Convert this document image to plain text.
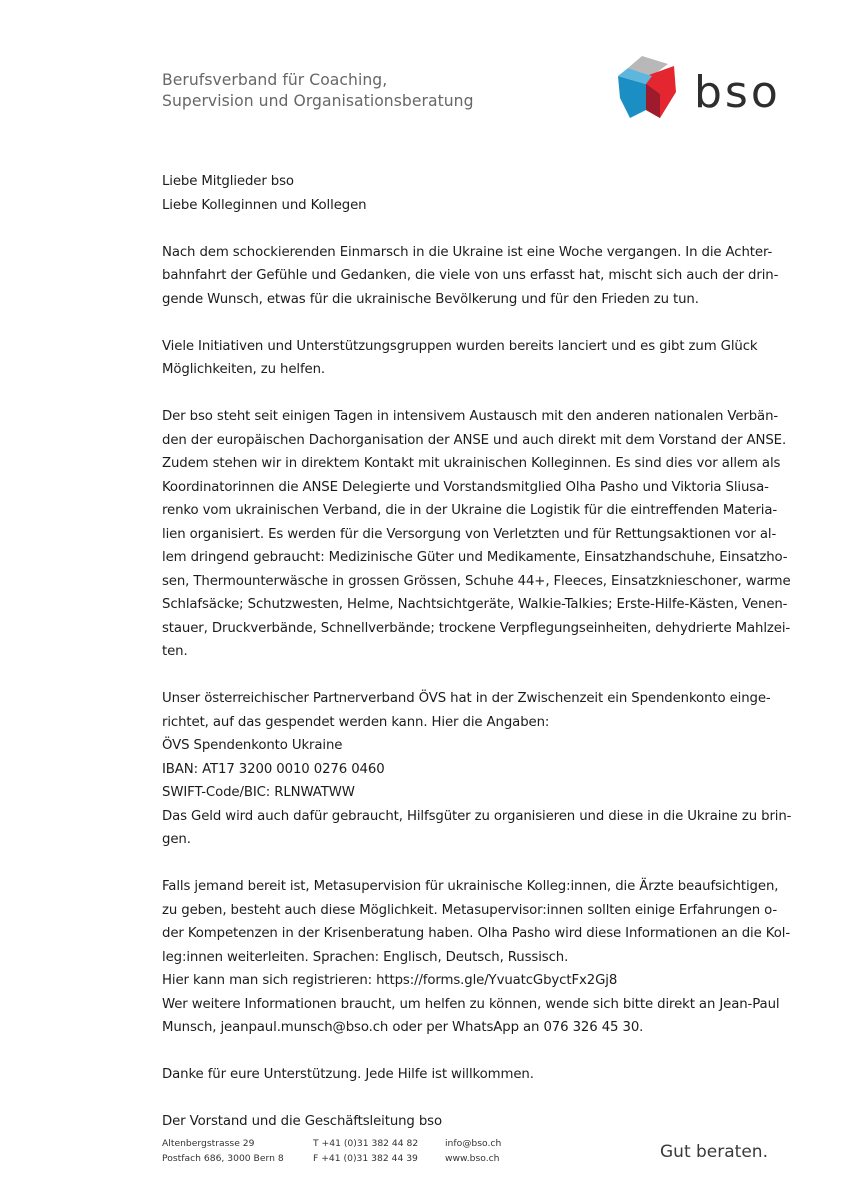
Berufsverband für Coaching,
Supervision und Organisationsberatung	bso

Liebe Mitglieder bso
Liebe Kolleginnen und Kollegen

Nach dem schockierenden Einmarsch in die Ukraine ist eine Woche vergangen. In die Achter-
bahnfahrt der Gefühle und Gedanken, die viele von uns erfasst hat, mischt sich auch der drin-
gende Wunsch, etwas für die ukrainische Bevölkerung und für den Frieden zu tun.

Viele Initiativen und Unterstützungsgruppen wurden bereits lanciert und es gibt zum Glück
Möglichkeiten, zu helfen.

Der bso steht seit einigen Tagen in intensivem Austausch mit den anderen nationalen Verbän-
den der europäischen Dachorganisation der ANSE und auch direkt mit dem Vorstand der ANSE.
Zudem stehen wir in direktem Kontakt mit ukrainischen Kolleginnen. Es sind dies vor allem als
Koordinatorinnen die ANSE Delegierte und Vorstandsmitglied Olha Pasho und Viktoria Sliusa-
renko vom ukrainischen Verband, die in der Ukraine die Logistik für die eintreffenden Materia-
lien organisiert. Es werden für die Versorgung von Verletzten und für Rettungsaktionen vor al-
lem dringend gebraucht: Medizinische Güter und Medikamente, Einsatzhandschuhe, Einsatzho-
sen, Thermounterwäsche in grossen Grössen, Schuhe 44+, Fleeces, Einsatzknieschoner, warme
Schlafsäcke; Schutzwesten, Helme, Nachtsichtgeräte, Walkie-Talkies; Erste-Hilfe-Kästen, Venen-
stauer, Druckverbände, Schnellverbände; trockene Verpflegungseinheiten, dehydrierte Mahlzei-
ten.

Unser österreichischer Partnerverband ÖVS hat in der Zwischenzeit ein Spendenkonto einge-
richtet, auf das gespendet werden kann. Hier die Angaben:
ÖVS Spendenkonto Ukraine
IBAN: AT17 3200 0010 0276 0460
SWIFT-Code/BIC: RLNWATWW
Das Geld wird auch dafür gebraucht, Hilfsgüter zu organisieren und diese in die Ukraine zu brin-
gen.

Falls jemand bereit ist, Metasupervision für ukrainische Kolleg:innen, die Ärzte beaufsichtigen,
zu geben, besteht auch diese Möglichkeit. Metasupervisor:innen sollten einige Erfahrungen o-
der Kompetenzen in der Krisenberatung haben. Olha Pasho wird diese Informationen an die Kol-
leg:innen weiterleiten. Sprachen: Englisch, Deutsch, Russisch.
Hier kann man sich registrieren: https://forms.gle/YvuatcGbyctFx2Gj8
Wer weitere Informationen braucht, um helfen zu können, wende sich bitte direkt an Jean-Paul
Munsch, jeanpaul.munsch@bso.ch oder per WhatsApp an 076 326 45 30.

Danke für eure Unterstützung. Jede Hilfe ist willkommen.

Der Vorstand und die Geschäftsleitung bso

Altenbergstrasse 29
Postfach 686, 3000 Bern 8
T +41 (0)31 382 44 82
F +41 (0)31 382 44 39
info@bso.ch
www.bso.ch	Gut beraten.
